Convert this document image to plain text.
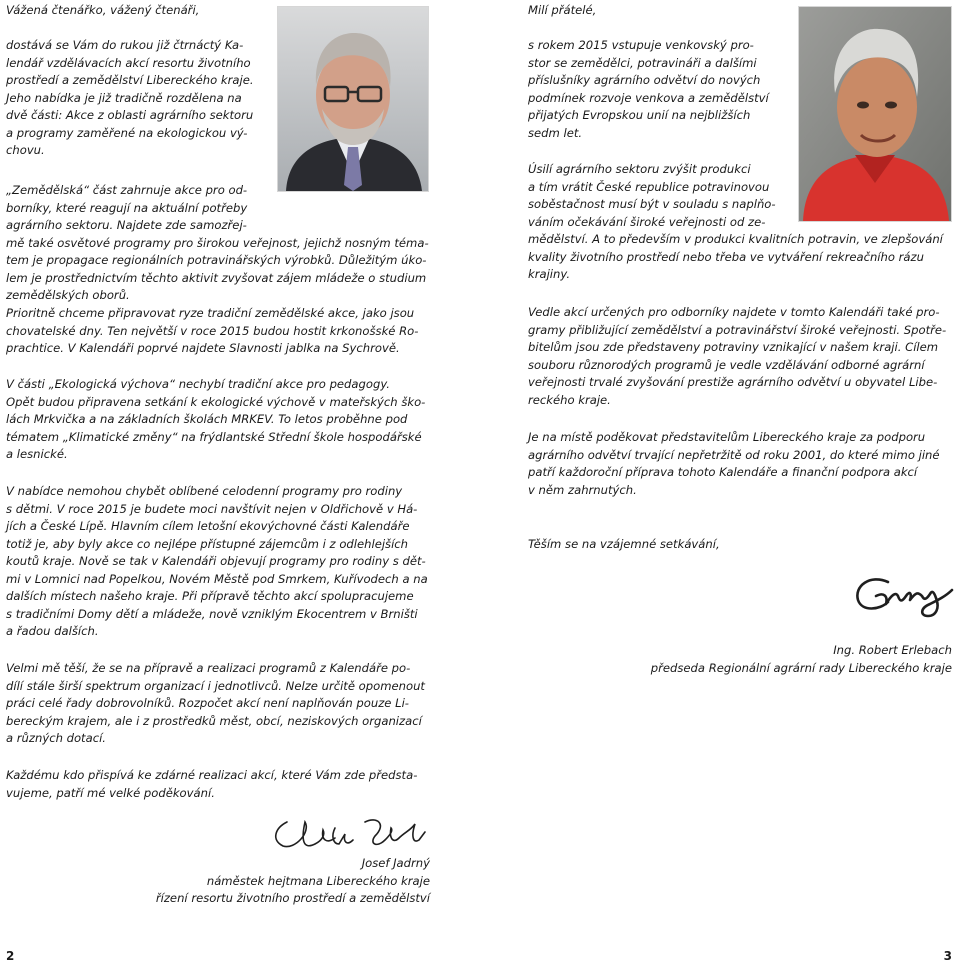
Vážená čtenářko, vážený čtenáři,

dostává se Vám do rukou již čtrnáctý Ka-
lendář vzdělávacích akcí resortu životního
prostředí a zemědělství Libereckého kraje.
Jeho nabídka je již tradičně rozdělena na
dvě části: Akce z oblasti agrárního sektoru
a programy zaměřené na ekologickou vý-
chovu.
„Zemědělská“ část zahrnuje akce pro od-
borníky, které reagují na aktuální potřeby
agrárního sektoru. Najdete zde samozřej-
mě také osvětové programy pro širokou veřejnost, jejichž nosným téma-
tem je propagace regionálních potravinářských výrobků. Důležitým úko-
lem je prostřednictvím těchto aktivit zvyšovat zájem mládeže o studium
zemědělských oborů.
Prioritně chceme připravovat ryze tradiční zemědělské akce, jako jsou
chovatelské dny. Ten největší v roce 2015 budou hostit krkonošské Ro-
prachtice. V Kalendáři poprvé najdete Slavnosti jablka na Sychrově.
V části „Ekologická výchova“ nechybí tradiční akce pro pedagogy.
Opět budou připravena setkání k ekologické výchově v mateřských ško-
lách Mrkvička a na základních školách MRKEV. To letos proběhne pod
tématem „Klimatické změny“ na frýdlantské Střední škole hospodářské
a lesnické.
V nabídce nemohou chybět oblíbené celodenní programy pro rodiny
s dětmi. V roce 2015 je budete moci navštívit nejen v Oldřichově v Há-
jích a České Lípě. Hlavním cílem letošní ekovýchovné části Kalendáře
totiž je, aby byly akce co nejlépe přístupné zájemcům i z odlehlejších
koutů kraje. Nově se tak v Kalendáři objevují programy pro rodiny s dět-
mi v Lomnici nad Popelkou, Novém Městě pod Smrkem, Kuřívodech a na
dalších místech našeho kraje. Při přípravě těchto akcí spolupracujeme
s tradičními Domy dětí a mládeže, nově vzniklým Ekocentrem v Brništi
a řadou dalších.
Velmi mě těší, že se na přípravě a realizaci programů z Kalendáře po-
dílí stále širší spektrum organizací i jednotlivců. Nelze určitě opomenout
práci celé řady dobrovolníků. Rozpočet akcí není naplňován pouze Li-
bereckým krajem, ale i z prostředků měst, obcí, neziskových organizací
a různých dotací.
Každému kdo přispívá ke zdárné realizaci akcí, které Vám zde předsta-
vujeme, patří mé velké poděkování.
Josef Jadrný
náměstek hejtmana Libereckého kraje
řízení resortu životního prostředí a zemědělství
2

Milí přátelé,

s rokem 2015 vstupuje venkovský pro-
stor se zemědělci, potravináři a dalšími
příslušníky agrárního odvětví do nových
podmínek rozvoje venkova a zemědělství
přijatých Evropskou unií na nejbližších
sedm let.
Úsilí agrárního sektoru zvýšit produkci
a tím vrátit České republice potravinovou
soběstačnost musí být v souladu s naplňo-
váním očekávání široké veřejnosti od ze-
mědělství. A to především v produkci kvalitních potravin, ve zlepšování
kvality životního prostředí nebo třeba ve vytváření rekreačního rázu
krajiny.
Vedle akcí určených pro odborníky najdete v tomto Kalendáři také pro-
gramy přibližující zemědělství a potravinářství široké veřejnosti. Spotře-
bitelům jsou zde představeny potraviny vznikající v našem kraji. Cílem
souboru různorodých programů je vedle vzdělávání odborné agrární
veřejnosti trvalé zvyšování prestiže agrárního odvětví u obyvatel Libe-
reckého kraje.
Je na místě poděkovat představitelům Libereckého kraje za podporu
agrárního odvětví trvající nepřetržitě od roku 2001, do které mimo jiné
patří každoroční příprava tohoto Kalendáře a finanční podpora akcí
v něm zahrnutých.
Těším se na vzájemné setkávání,
Ing. Robert Erlebach
předseda Regionální agrární rady Libereckého kraje
3
